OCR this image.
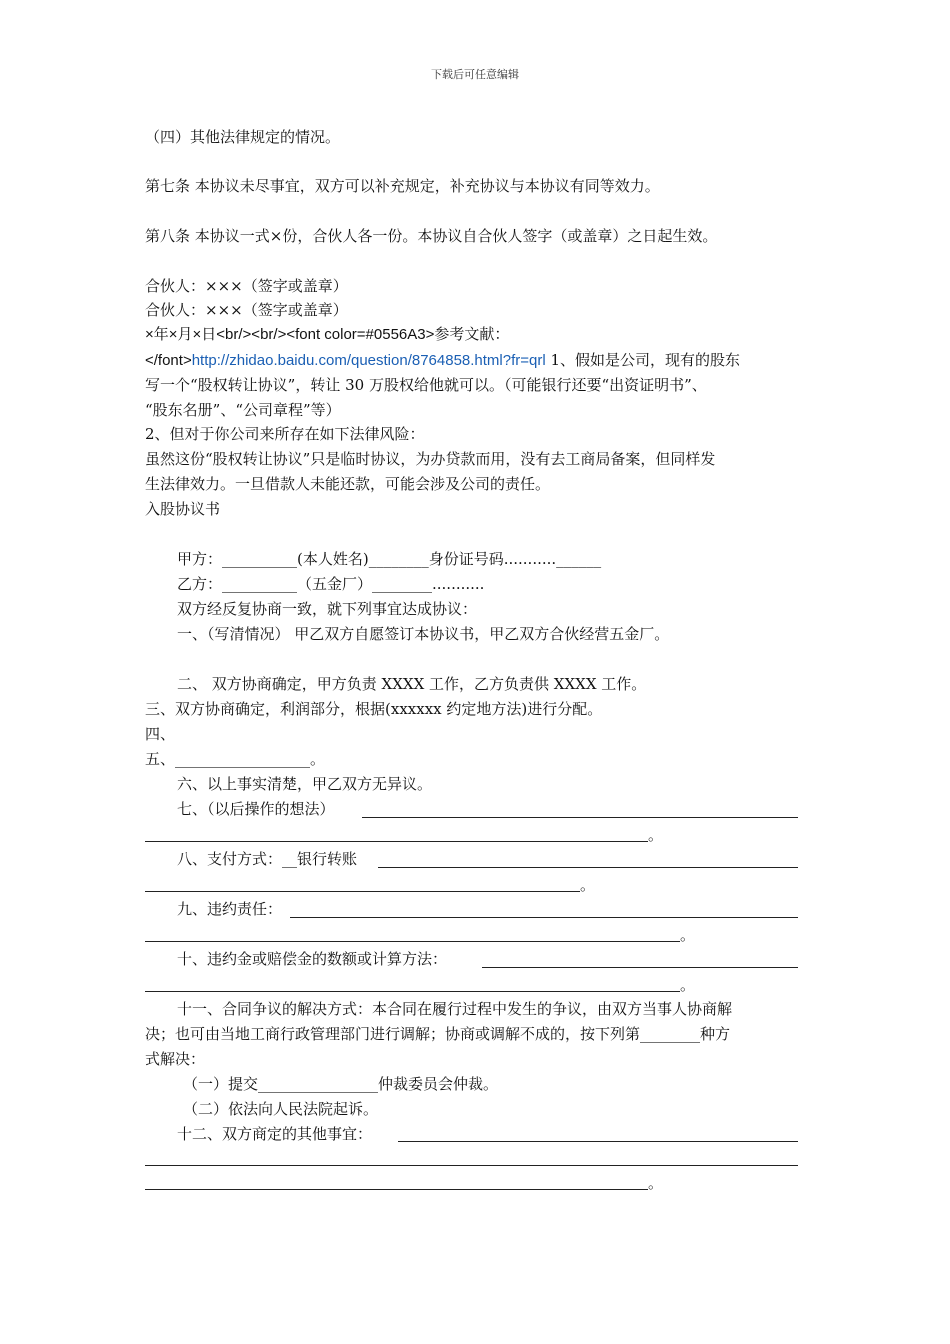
下载后可任意编辑
（四）其他法律规定的情况。
第七条 本协议未尽事宜，双方可以补充规定，补充协议与本协议有同等效力。
第八条 本协议一式×份，合伙人各一份。本协议自合伙人签字（或盖章）之日起生效。
合伙人：×××（签字或盖章）
合伙人：×××（签字或盖章）
×年×月×日<br/><br/><font color=#0556A3>参考文献：
</font>http://zhidao.baidu.com/question/8764858.html?fr=qrl 1、假如是公司，现有的股东
写一个“股权转让协议”，转让 30 万股权给他就可以。（可能银行还要“出资证明书”、
“股东名册”、“公司章程”等）
2、但对于你公司来所存在如下法律风险：
虽然这份“股权转让协议”只是临时协议，为办贷款而用，没有去工商局备案，但同样发
生法律效力。一旦借款人未能还款，可能会涉及公司的责任。
入股协议书
甲方：__________(本人姓名)________身份证号码...........______
乙方：__________（五金厂）________...........
双方经反复协商一致，就下列事宜达成协议：
一、（写清情况） 甲乙双方自愿签订本协议书，甲乙双方合伙经营五金厂。
二、 双方协商确定，甲方负责 XXXX 工作，乙方负责供 XXXX 工作。
三、双方协商确定，利润部分，根据(xxxxxx 约定地方法)进行分配。
四、
五、__________________。
六、以上事实清楚，甲乙双方无异议。
七、（以后操作的想法）
。
八、支付方式：__银行转账
。
九、违约责任：
。
十、违约金或赔偿金的数额或计算方法：
。
十一、合同争议的解决方式：本合同在履行过程中发生的争议，由双方当事人协商解
决；也可由当地工商行政管理部门进行调解；协商或调解不成的，按下列第________种方
式解决：
（一）提交________________仲裁委员会仲裁。
（二）依法向人民法院起诉。
十二、双方商定的其他事宜：
。
